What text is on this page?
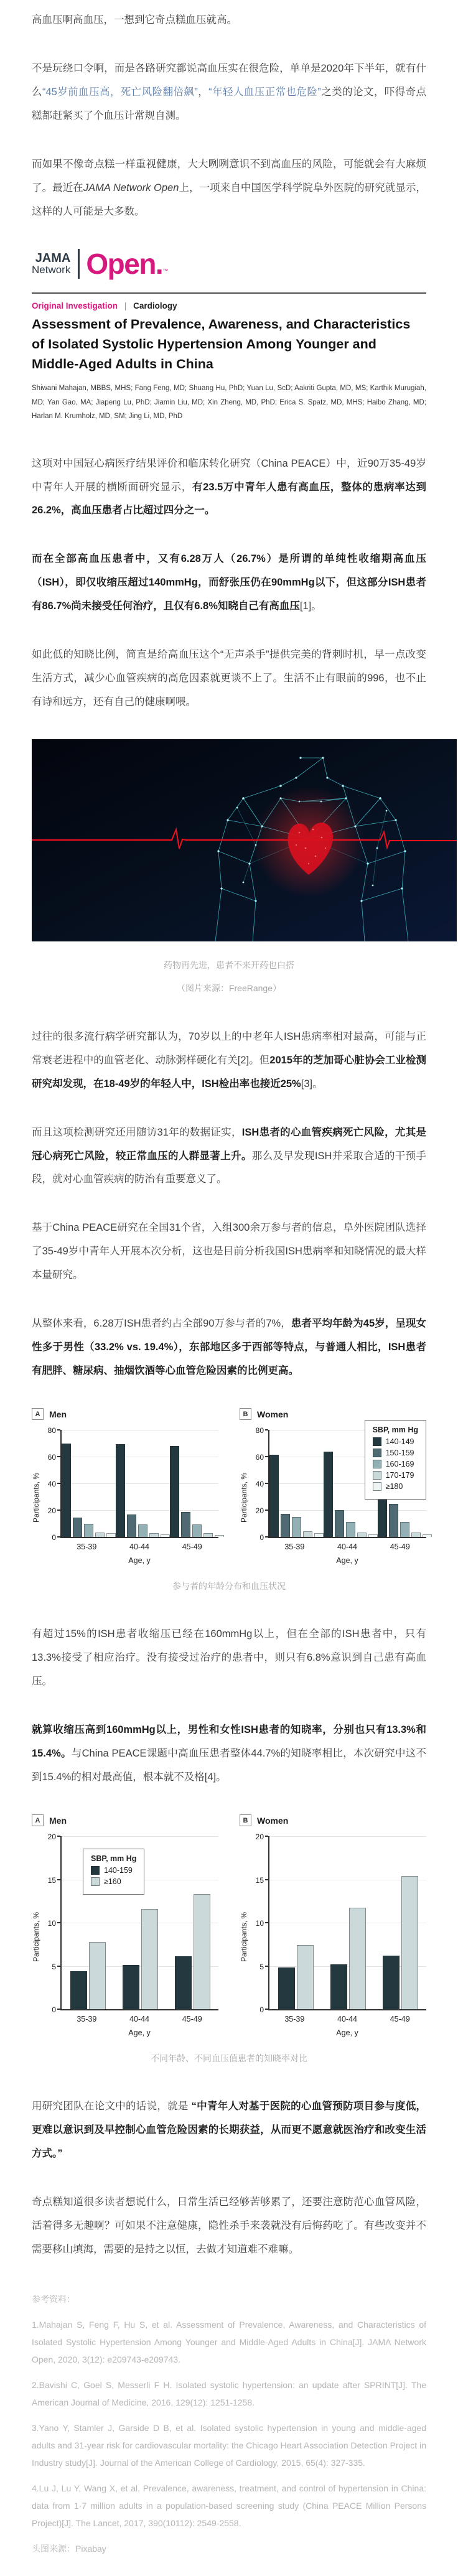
高血压啊高血压，一想到它奇点糕血压就高。

不是玩绕口令啊，而是各路研究都说高血压实在很危险，单单是2020年下半年，就有什么“45岁前血压高，死亡风险翻倍飙”，“年轻人血压正常也危险”之类的论文，吓得奇点糕都赶紧买了个血压计常规自测。

而如果不像奇点糕一样重视健康，大大咧咧意识不到高血压的风险，可能就会有大麻烦了。最近在JAMA Network Open上，一项来自中国医学科学院阜外医院的研究就显示，这样的人可能是大多数。

JAMA
Network Open.™
Original Investigation | Cardiology
Assessment of Prevalence, Awareness, and Characteristics of Isolated Systolic Hypertension Among Younger and Middle-Aged Adults in China
Shiwani Mahajan, MBBS, MHS; Fang Feng, MD; Shuang Hu, PhD; Yuan Lu, ScD; Aakriti Gupta, MD, MS; Karthik Murugiah, MD; Yan Gao, MA; Jiapeng Lu, PhD; Jiamin Liu, MD; Xin Zheng, MD, PhD; Erica S. Spatz, MD, MHS; Haibo Zhang, MD; Harlan M. Krumholz, MD, SM; Jing Li, MD, PhD

这项对中国冠心病医疗结果评价和临床转化研究（China PEACE）中，近90万35-49岁中青年人开展的横断面研究显示，有23.5万中青年人患有高血压，整体的患病率达到26.2%，高血压患者占比超过四分之一。

而在全部高血压患者中，又有6.28万人（26.7%）是所谓的单纯性收缩期高血压（ISH），即仅收缩压超过140mmHg，而舒张压仍在90mmHg以下，但这部分ISH患者有86.7%尚未接受任何治疗，且仅有6.8%知晓自己有高血压[1]。

如此低的知晓比例，简直是给高血压这个“无声杀手”提供完美的背刺时机，早一点改变生活方式，减少心血管疾病的高危因素就更谈不上了。生活不止有眼前的996，也不止有诗和远方，还有自己的健康啊喂。

药物再先进，患者不来开药也白搭

（图片来源：FreeRange）

过往的很多流行病学研究都认为，70岁以上的中老年人ISH患病率相对最高，可能与正常衰老进程中的血管老化、动脉粥样硬化有关[2]。但2015年的芝加哥心脏协会工业检测研究却发现，在18-49岁的年轻人中，ISH检出率也接近25%[3]。

而且这项检测研究还用随访31年的数据证实，ISH患者的心血管疾病死亡风险，尤其是冠心病死亡风险，较正常血压的人群显著上升。那么及早发现ISH并采取合适的干预手段，就对心血管疾病的防治有重要意义了。

基于China PEACE研究在全国31个省，入组300余万参与者的信息，阜外医院团队选择了35-49岁中青年人开展本次分析，这也是目前分析我国ISH患病率和知晓情况的最大样本量研究。

从整体来看，6.28万ISH患者约占全部90万参与者的7%，患者平均年龄为45岁，呈现女性多于男性（33.2% vs. 19.4%），东部地区多于西部等特点，与普通人相比，ISH患者有肥胖、糖尿病、抽烟饮酒等心血管危险因素的比例更高。

A	Men
Participants, %
0
20
40
60
80
35-39	40-44	45-49
Age, y
B	Women
Participants, %
0
20
40
60
80	SBP, mm Hg
140-149
150-159
160-169
170-179
≥180
35-39	40-44	45-49
Age, y

参与者的年龄分布和血压状况

有超过15%的ISH患者收缩压已经在160mmHg以上，但在全部的ISH患者中，只有13.3%接受了相应治疗。没有接受过治疗的患者中，则只有6.8%意识到自己患有高血压。

就算收缩压高到160mmHg以上，男性和女性ISH患者的知晓率，分别也只有13.3%和15.4%。与China PEACE课题中高血压患者整体44.7%的知晓率相比，本次研究中这不到15.4%的相对最高值，根本就不及格[4]。

A	Men
Participants, %
0
5
10
15
20
SBP, mm Hg
140-159
≥160
35-39	40-44	45-49
Age, y
B	Women
Participants, %
0
5
10
15
20
35-39	40-44	45-49
Age, y

不同年龄、不同血压值患者的知晓率对比

用研究团队在论文中的话说，就是 “中青年人对基于医院的心血管预防项目参与度低，更难以意识到及早控制心血管危险因素的长期获益，从而更不愿意就医治疗和改变生活方式。”

奇点糕知道很多读者想说什么，日常生活已经够苦够累了，还要注意防范心血管风险，活着得多无趣啊？可如果不注意健康，隐性杀手来袭就没有后悔药吃了。有些改变并不需要移山填海，需要的是持之以恒，去做才知道难不难嘛。

参考资料：

1.Mahajan S, Feng F, Hu S, et al. Assessment of Prevalence, Awareness, and Characteristics of Isolated Systolic Hypertension Among Younger and Middle-Aged Adults in China[J]. JAMA Network Open, 2020, 3(12): e209743-e209743.

2.Bavishi C, Goel S, Messerli F H. Isolated systolic hypertension: an update after SPRINT[J]. The American Journal of Medicine, 2016, 129(12): 1251-1258.

3.Yano Y, Stamler J, Garside D B, et al. Isolated systolic hypertension in young and middle-aged adults and 31-year risk for cardiovascular mortality: the Chicago Heart Association Detection Project in Industry study[J]. Journal of the American College of Cardiology, 2015, 65(4): 327-335.

4.Lu J, Lu Y, Wang X, et al. Prevalence, awareness, treatment, and control of hypertension in China: data from 1·7 million adults in a population-based screening study (China PEACE Million Persons Project)[J]. The Lancet, 2017, 390(10112): 2549-2558.

头图来源：Pixabay
